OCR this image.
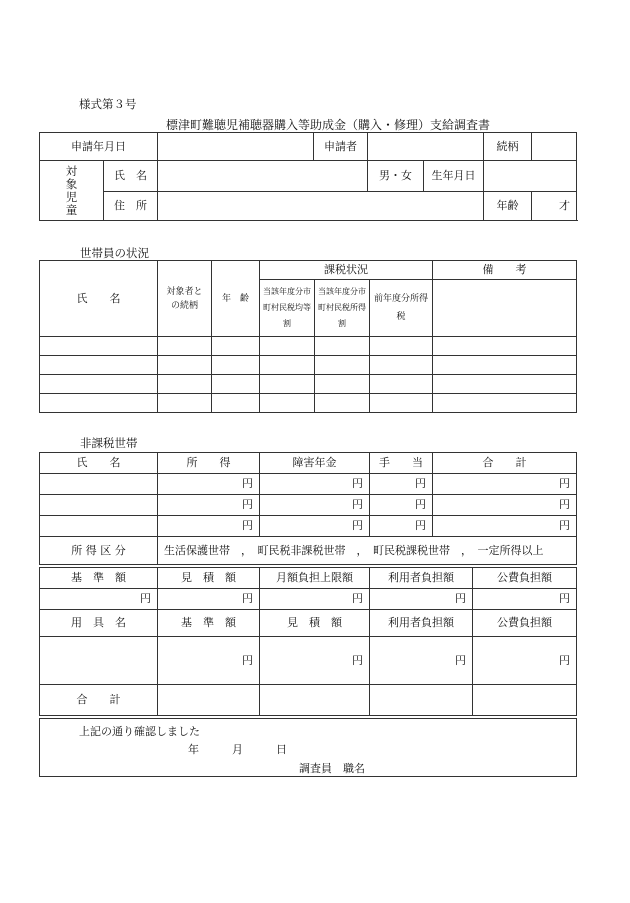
様式第３号
標津町難聴児補聴器購入等助成金（購入・修理）支給調査書
申請年月日			申請者			続柄	

対象児童	氏　名			男・女	生年月日		
	住　所					年齢	才
世帯員の状況
氏　　名	対象者との続柄	年　齢	課税状況			備　　考

			当該年度分市町村民税均等割	当該年度分市町村民税所得割	前年度分所得税	

非課税世帯
氏　　名	所　　得	障害年金	手　　当	合　　計
	円	円	円	円
	円	円	円	円
	円	円	円	円
所 得 区 分	生活保護世帯　，　町民税非課税世帯　，　町民税課税世帯　，　一定所得以上			
基　準　額	見　積　額	月額負担上限額	利用者負担額	公費負担額
円	円	円	円	円
用　具　名	基　準　額	見　積　額	利用者負担額	公費負担額
	円	円	円	円
合　　計				
上記の通り確認しました
年　　　月　　　日
調査員　職名
